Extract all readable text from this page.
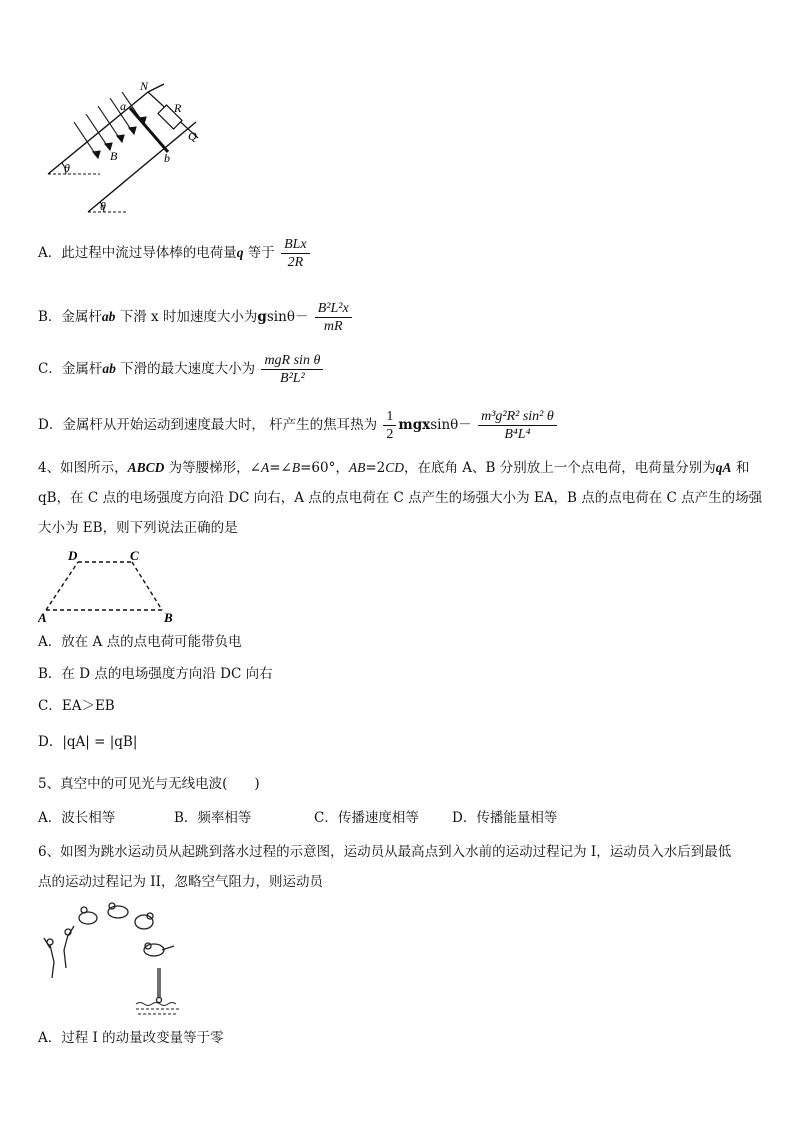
N
a	R
Q
B	b
θ
θ
A．此过程中流过导体棒的电荷量q 等于 $\frac{\text{BLx}}{2R}$
B．金属杆ab 下滑 x 时加速度大小为$gsin\theta- \frac{\text{B²L²x}}{mR}$
C．金属杆ab 下滑的最大速度大小为 $\frac{\text{mgR sin θ}}{\text{B²L²}}$
D．金属杆从开始运动到速度最大时， 杆产生的焦耳热为 $\frac{1}{2} mgxsin\theta- \frac{\text{m³g²R² sin² θ}}{\text{B⁴L⁴}}$
4、如图所示，ABCD 为等腰梯形，∠A=∠B=60°，AB=2CD，在底角 A、B 分别放上一个点电荷，电荷量分别为qA 和
qB，在 C 点的电场强度方向沿 DC 向右，A 点的点电荷在 C 点产生的场强大小为 EA，B 点的点电荷在 C 点产生的场强
大小为 EB，则下列说法正确的是
D	C
A	B
A．放在 A 点的点电荷可能带负电
B．在 D 点的电场强度方向沿 DC 向右
C．EA＞EB
D．|qA| = |qB|
5、真空中的可见光与无线电波(　　)
A．波长相等	B．频率相等	C．传播速度相等 D．传播能量相等
6、如图为跳水运动员从起跳到落水过程的示意图，运动员从最高点到入水前的运动过程记为 I，运动员入水后到最低
点的运动过程记为 II，忽略空气阻力，则运动员
A．过程 I 的动量改变量等于零
